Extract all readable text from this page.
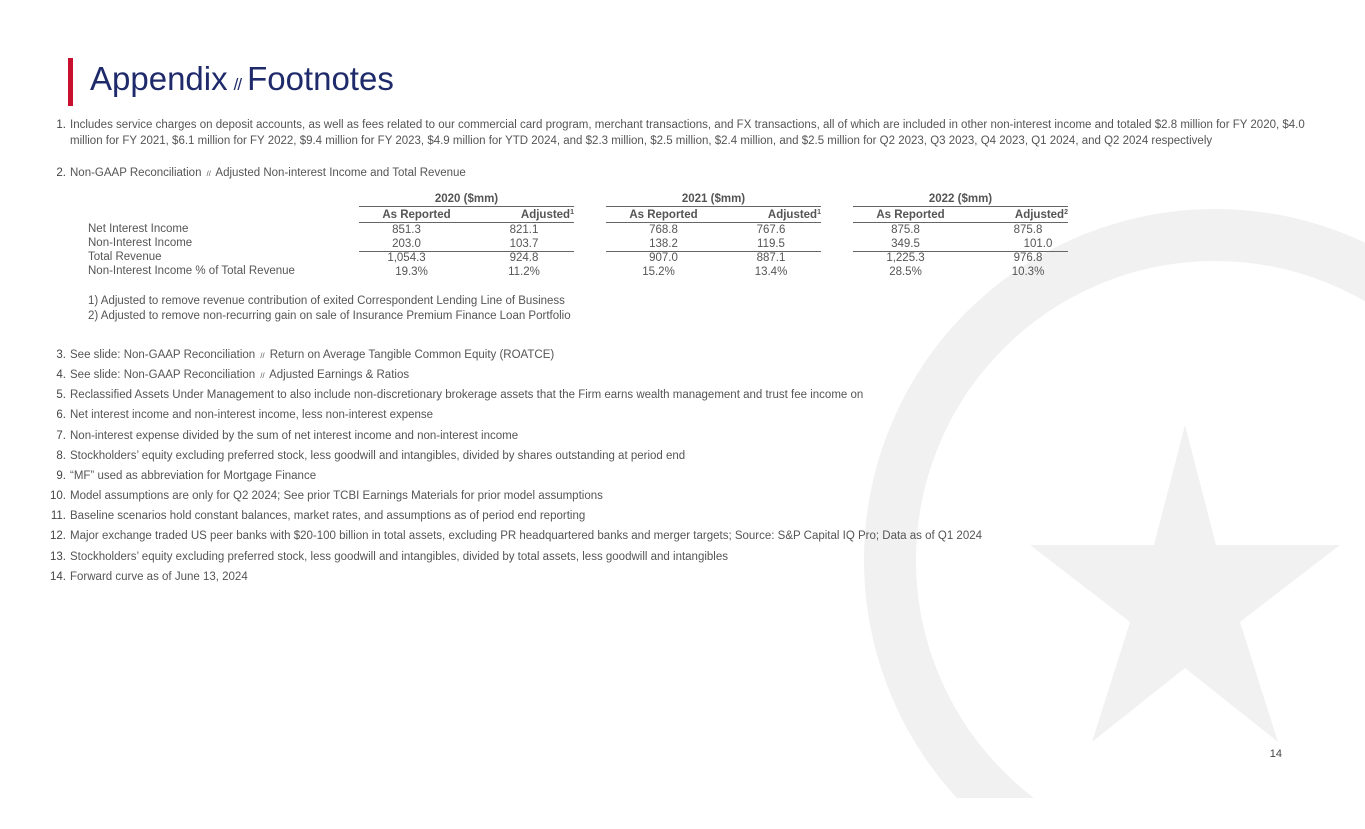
Appendix // Footnotes
1. Includes service charges on deposit accounts, as well as fees related to our commercial card program, merchant transactions, and FX transactions, all of which are included in other non-interest income and totaled $2.8 million for FY 2020, $4.0 million for FY 2021, $6.1 million for FY 2022, $9.4 million for FY 2023, $4.9 million for YTD 2024, and $2.3 million, $2.5 million, $2.4 million, and $2.5 million for Q2 2023, Q3 2023, Q4 2023, Q1 2024, and Q2 2024 respectively
2. Non-GAAP Reconciliation // Adjusted Non-interest Income and Total Revenue
2020 ($mm)	2021 ($mm)	2022 ($mm)
As Reported	Adjusted$^1$	As Reported	Adjusted$^1$	As Reported	Adjusted$^2$
Net Interest Income	851.3	821.1	768.8	767.6	875.8	875.8
Non-Interest Income	203.0	103.7	138.2	119.5	349.5	101.0
Total Revenue	1,054.3	924.8	907.0	887.1	1,225.3	976.8
Non-Interest Income % of Total Revenue	19.3%	11.2%	15.2%	13.4%	28.5%	10.3%
1) Adjusted to remove revenue contribution of exited Correspondent Lending Line of Business
2) Adjusted to remove non-recurring gain on sale of Insurance Premium Finance Loan Portfolio
3. See slide: Non-GAAP Reconciliation // Return on Average Tangible Common Equity (ROATCE)
4. See slide: Non-GAAP Reconciliation // Adjusted Earnings & Ratios
5. Reclassified Assets Under Management to also include non-discretionary brokerage assets that the Firm earns wealth management and trust fee income on
6. Net interest income and non-interest income, less non-interest expense
7. Non-interest expense divided by the sum of net interest income and non-interest income
8. Stockholders’ equity excluding preferred stock, less goodwill and intangibles, divided by shares outstanding at period end
9. “MF” used as abbreviation for Mortgage Finance
10. Model assumptions are only for Q2 2024; See prior TCBI Earnings Materials for prior model assumptions
11. Baseline scenarios hold constant balances, market rates, and assumptions as of period end reporting
12. Major exchange traded US peer banks with $20-100 billion in total assets, excluding PR headquartered banks and merger targets; Source: S&P Capital IQ Pro; Data as of Q1 2024
13. Stockholders’ equity excluding preferred stock, less goodwill and intangibles, divided by total assets, less goodwill and intangibles
14. Forward curve as of June 13, 2024
14
